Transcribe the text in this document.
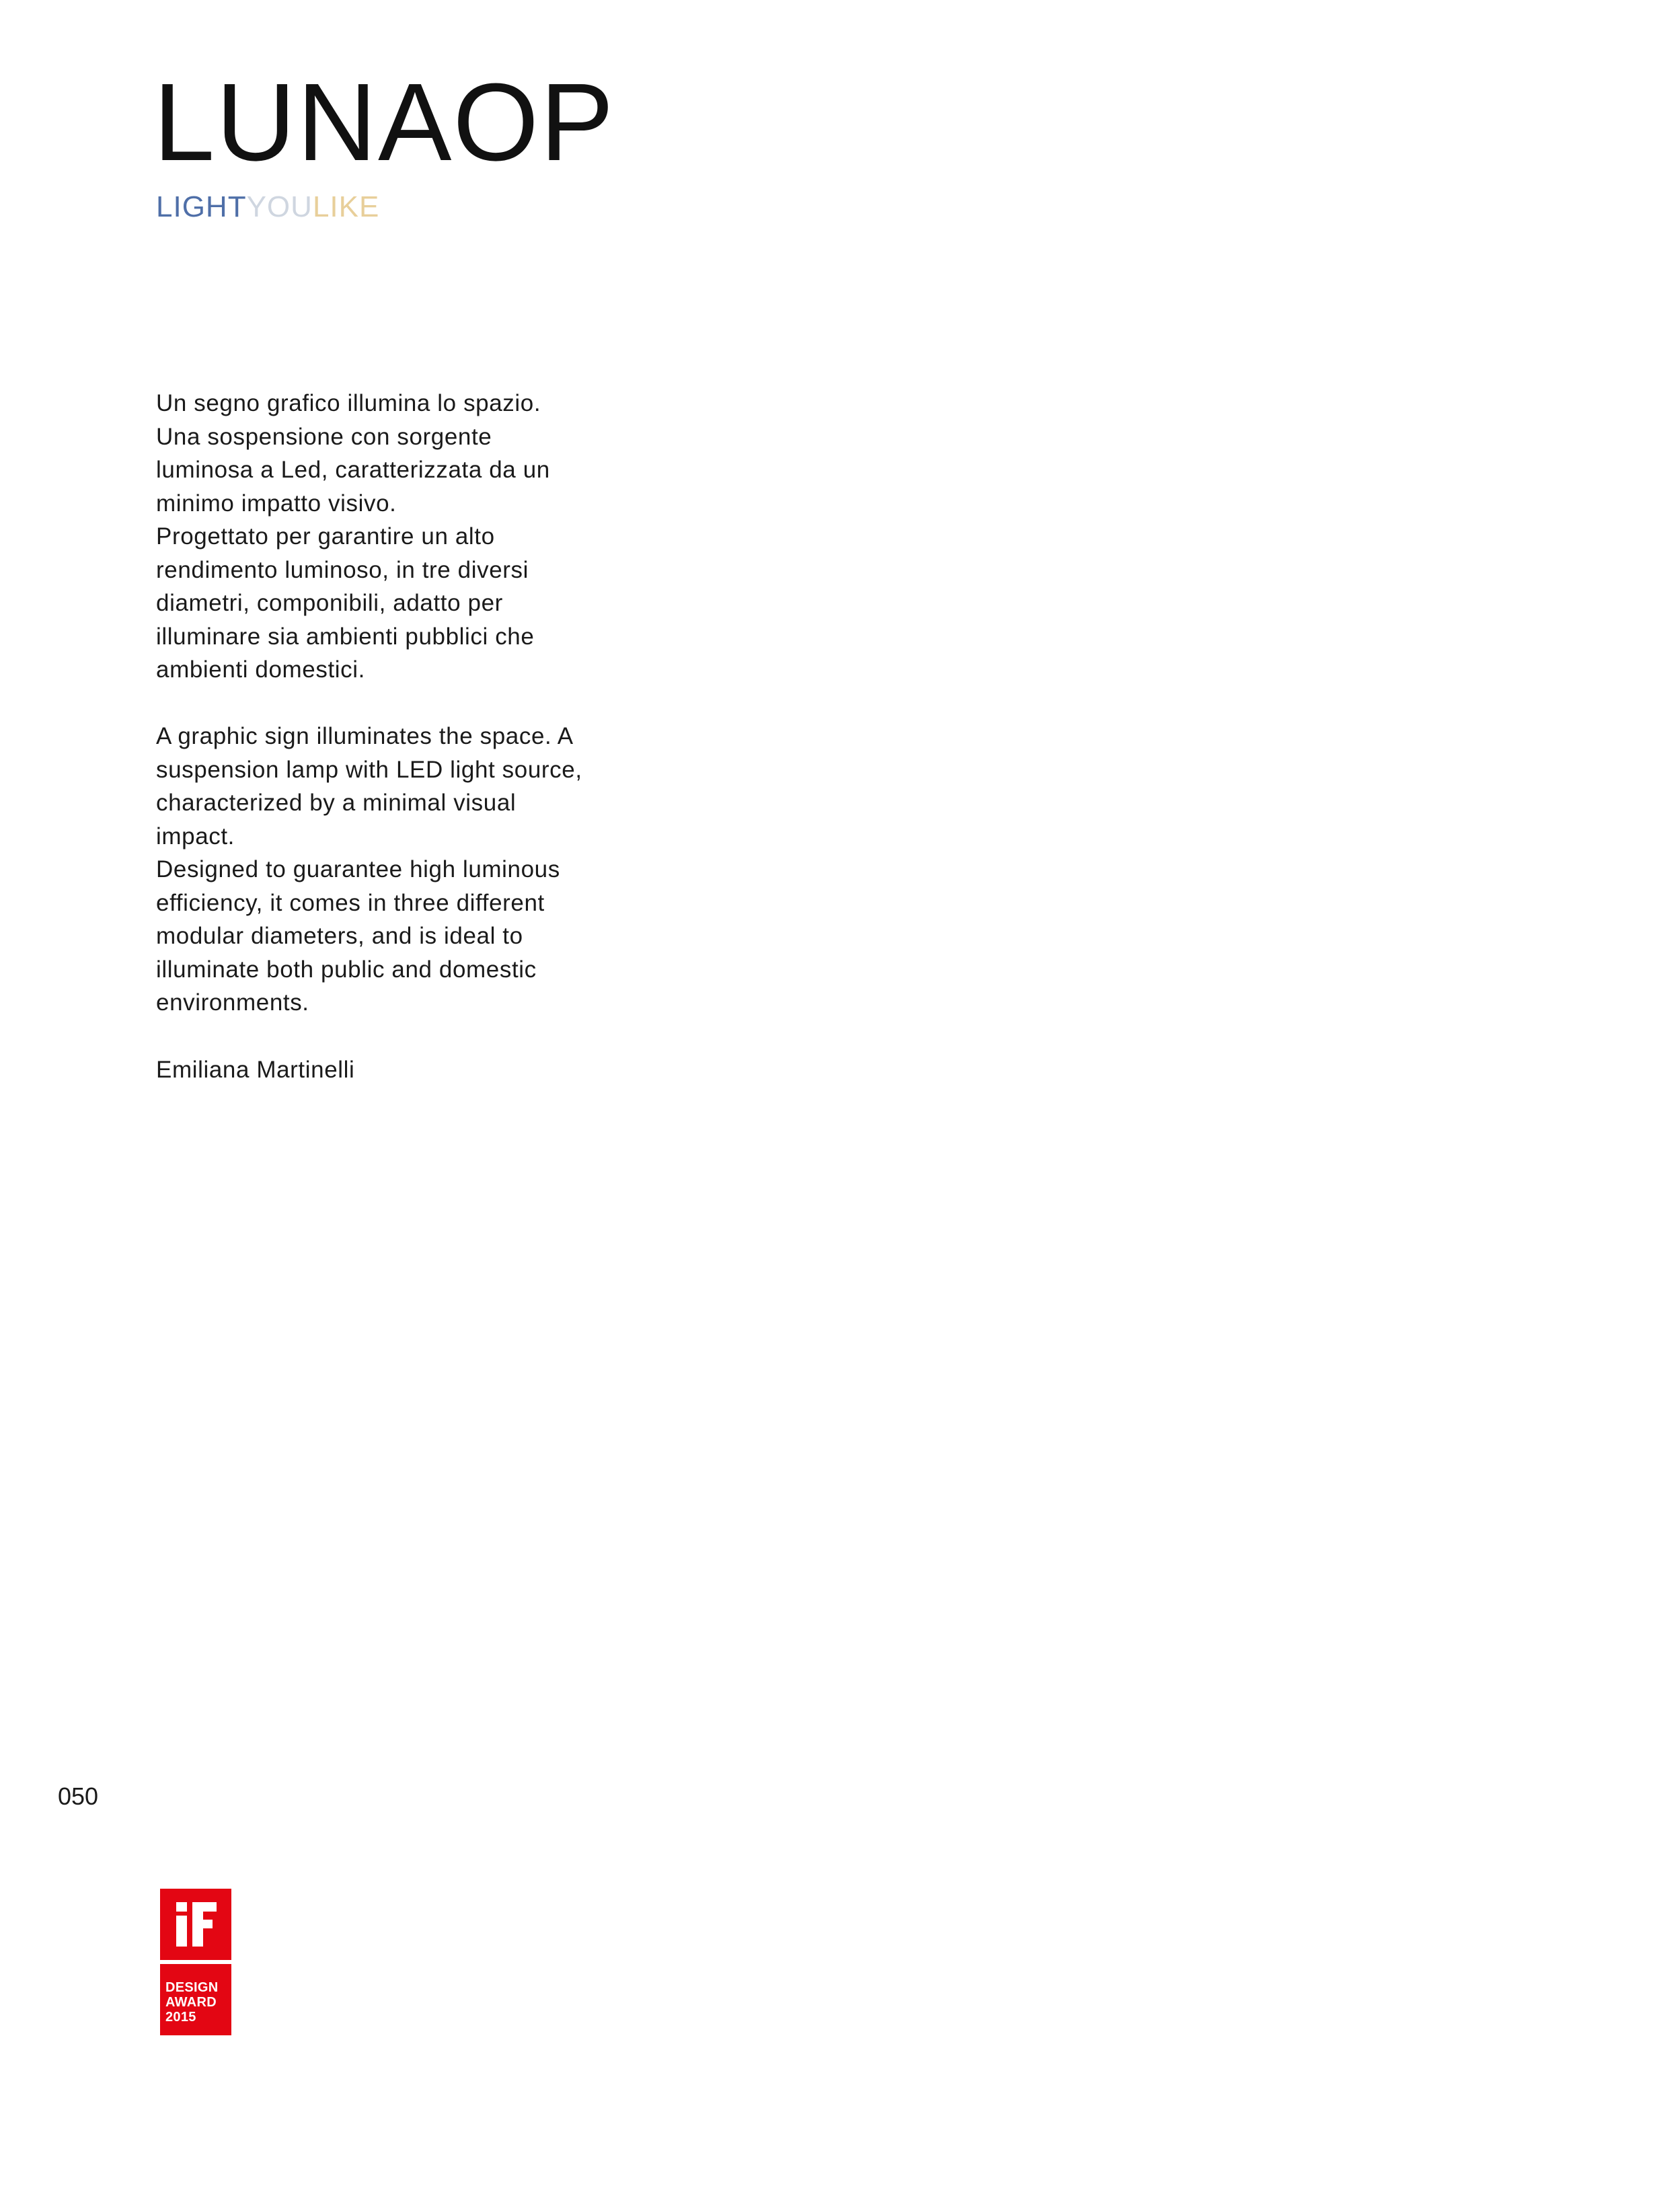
LUNAOP
LIGHTYOULIKE

Un segno grafico illumina lo spazio.

Una sospensione con sorgente

luminosa a Led, caratterizzata da un

minimo impatto visivo.

Progettato per garantire un alto

rendimento luminoso, in tre diversi

diametri, componibili, adatto per

illuminare sia ambienti pubblici che

ambienti domestici.

A graphic sign illuminates the space. A

suspension lamp with LED light source,

characterized by a minimal visual

impact.

Designed to guarantee high luminous

efficiency, it comes in three different

modular diameters, and is ideal to

illuminate both public and domestic

environments.

Emiliana Martinelli
050
DESIGN
AWARD
2015
